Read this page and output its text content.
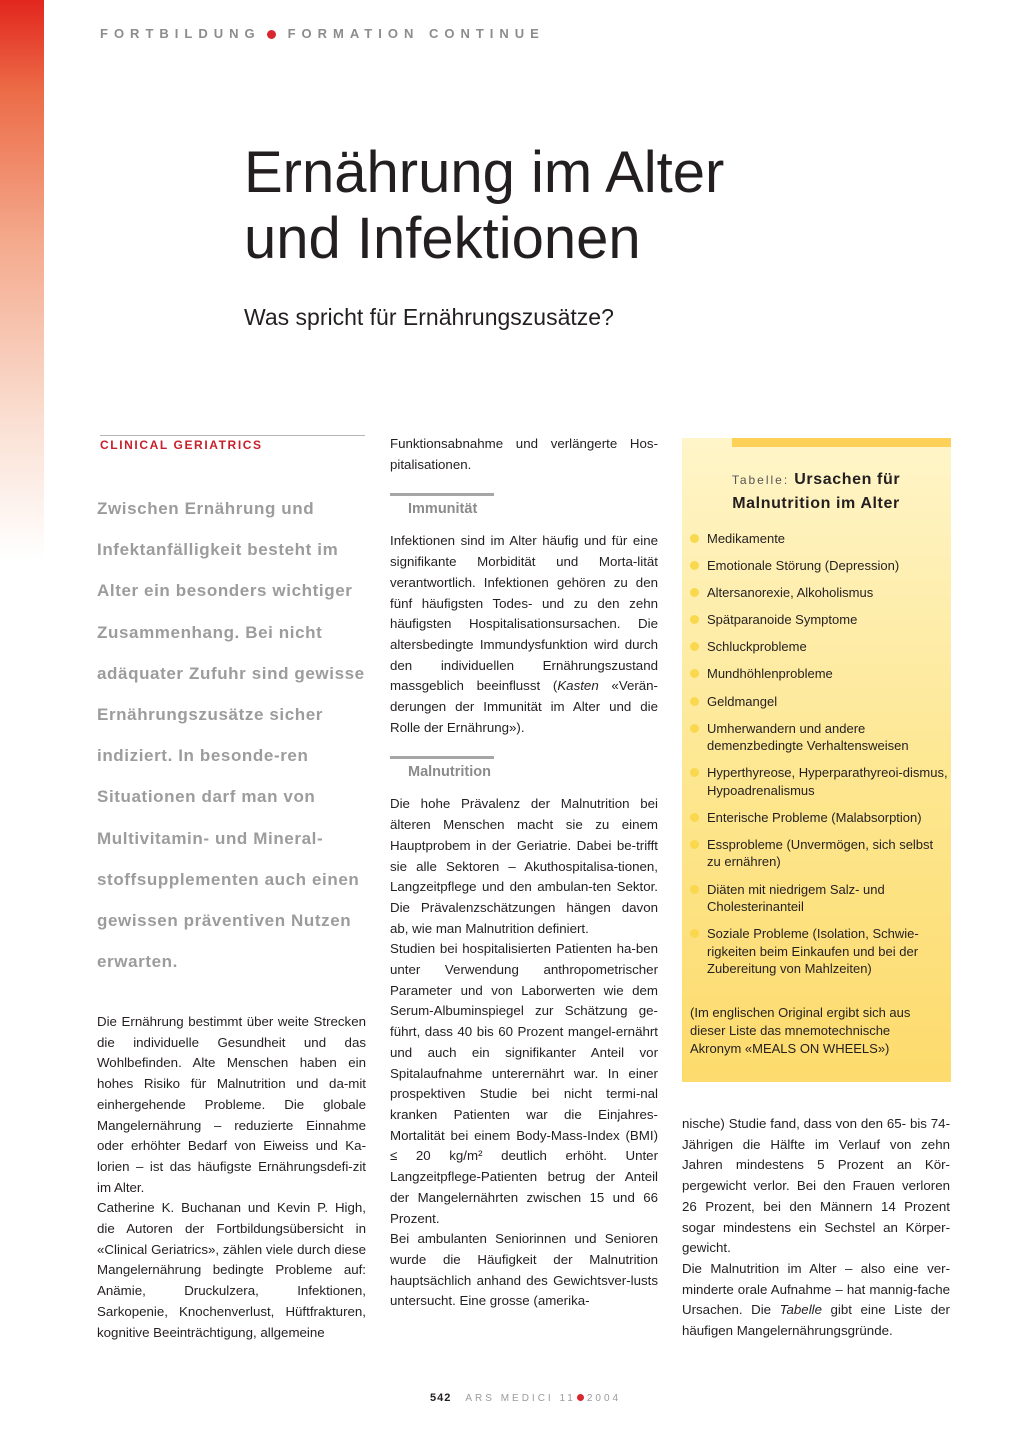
FORTBILDUNG FORMATION CONTINUE
Ernährung im Alter
und Infektionen

Was spricht für Ernährungszusätze?

CLINICAL GERIATRICS

Zwischen Ernährung und Infektanfälligkeit besteht im Alter ein besonders wichtiger Zusammenhang. Bei nicht adäquater Zufuhr sind gewisse Ernährungszusätze sicher indiziert. In besonde-ren Situationen darf man von Multivitamin- und Mineral-stoffsupplementen auch einen gewissen präventiven Nutzen erwarten.

Die Ernährung bestimmt über weite Strecken die individuelle Gesundheit und das Wohlbefinden. Alte Menschen haben ein hohes Risiko für Malnutrition und da-mit einhergehende Probleme. Die globale Mangelernährung – reduzierte Einnahme oder erhöhter Bedarf von Eiweiss und Ka-lorien – ist das häufigste Ernährungsdefi-zit im Alter.

Catherine K. Buchanan und Kevin P. High, die Autoren der Fortbildungsübersicht in «Clinical Geriatrics», zählen viele durch diese Mangelernährung bedingte Probleme auf: Anämie, Druckulzera, Infektionen, Sarkopenie, Knochenverlust, Hüftfrakturen, kognitive Beeinträchtigung, allgemeine

Funktionsabnahme und verlängerte Hos-pitalisationen.

Immunität

Infektionen sind im Alter häufig und für eine signifikante Morbidität und Morta-lität verantwortlich. Infektionen gehören zu den fünf häufigsten Todes- und zu den zehn häufigsten Hospitalisationsursachen. Die altersbedingte Immundysfunktion wird durch den individuellen Ernährungszustand massgeblich beeinflusst (Kasten «Verän-derungen der Immunität im Alter und die Rolle der Ernährung»).

Malnutrition

Die hohe Prävalenz der Malnutrition bei älteren Menschen macht sie zu einem Hauptprobem in der Geriatrie. Dabei be-trifft sie alle Sektoren – Akuthospitalisa-tionen, Langzeitpflege und den ambulan-ten Sektor. Die Prävalenzschätzungen hängen davon ab, wie man Malnutrition definiert.

Studien bei hospitalisierten Patienten ha-ben unter Verwendung anthropometrischer Parameter und von Laborwerten wie dem Serum-Albuminspiegel zur Schätzung ge-führt, dass 40 bis 60 Prozent mangel-ernährt und auch ein signifikanter Anteil vor Spitalaufnahme unterernährt war. In einer prospektiven Studie bei nicht termi-nal kranken Patienten war die Einjahres-Mortalität bei einem Body-Mass-Index (BMI) ≤ 20 kg/m² deutlich erhöht. Unter Langzeitpflege-Patienten betrug der Anteil der Mangelernährten zwischen 15 und 66 Prozent.

Bei ambulanten Seniorinnen und Senioren wurde die Häufigkeit der Malnutrition hauptsächlich anhand des Gewichtsver-lusts untersucht. Eine grosse (amerika-

Tabelle: Ursachen für
Malnutrition im Alter
Medikamente
Emotionale Störung (Depression)
Altersanorexie, Alkoholismus
Spätparanoide Symptome
Schluckprobleme
Mundhöhlenprobleme
Geldmangel
Umherwandern und andere demenzbedingte Verhaltensweisen
Hyperthyreose, Hyperparathyreoi-dismus, Hypoadrenalismus
Enterische Probleme (Malabsorption)
Essprobleme (Unvermögen, sich selbst zu ernähren)
Diäten mit niedrigem Salz- und Cholesterinanteil
Soziale Probleme (Isolation, Schwie-rigkeiten beim Einkaufen und bei der Zubereitung von Mahlzeiten)

(Im englischen Original ergibt sich aus dieser Liste das mnemotechnische Akronym «MEALS ON WHEELS»)

nische) Studie fand, dass von den 65- bis 74-Jährigen die Hälfte im Verlauf von zehn Jahren mindestens 5 Prozent an Kör-pergewicht verlor. Bei den Frauen verloren 26 Prozent, bei den Männern 14 Prozent sogar mindestens ein Sechstel an Körper-gewicht.

Die Malnutrition im Alter – also eine ver-minderte orale Aufnahme – hat mannig-fache Ursachen. Die Tabelle gibt eine Liste der häufigen Mangelernährungsgründe.

542 ARS MEDICI 11 2004
